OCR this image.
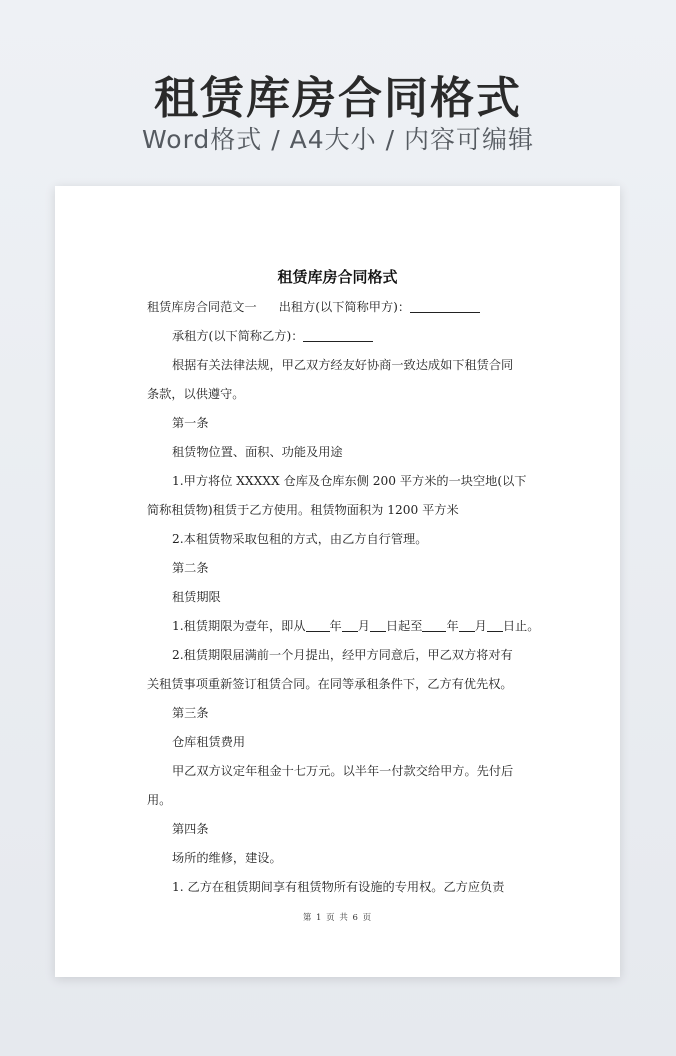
租赁库房合同格式
Word格式 / A4大小 / 内容可编辑
租赁库房合同格式

租赁库房合同范文一 出租方(以下简称甲方)：

承租方(以下简称乙方)：

根据有关法律法规，甲乙双方经友好协商一致达成如下租赁合同

条款，以供遵守。

第一条

租赁物位置、面积、功能及用途

1.甲方将位 XXXXX 仓库及仓库东侧 200 平方米的一块空地(以下

简称租赁物)租赁于乙方使用。租赁物面积为 1200 平方米

2.本租赁物采取包租的方式，由乙方自行管理。

第二条

租赁期限

1.租赁期限为壹年，即从 年 月 日起至 年 月 日止。

2.租赁期限届满前一个月提出，经甲方同意后，甲乙双方将对有

关租赁事项重新签订租赁合同。在同等承租条件下，乙方有优先权。

第三条

仓库租赁费用

甲乙双方议定年租金十七万元。以半年一付款交给甲方。先付后

用。

第四条

场所的维修，建设。

1. 乙方在租赁期间享有租赁物所有设施的专用权。乙方应负责

第 1 页 共 6 页
